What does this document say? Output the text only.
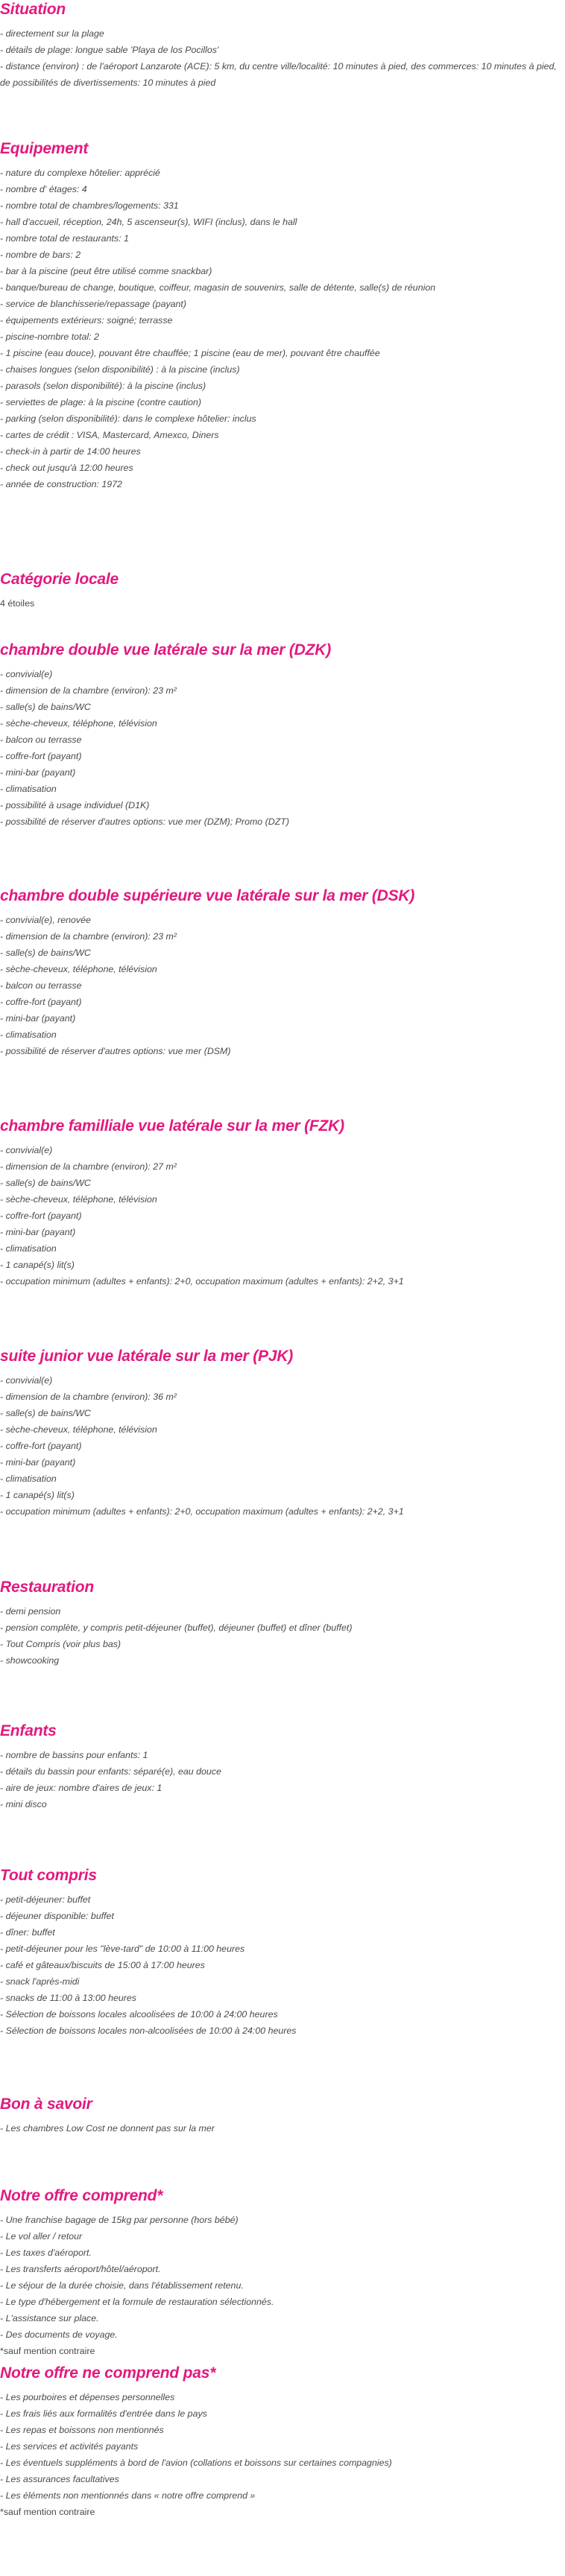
Situation
- directement sur la plage
- détails de plage: longue sable 'Playa de los Pocillos'
- distance (environ) : de l'aéroport Lanzarote (ACE): 5 km, du centre ville/localité: 10 minutes à pied, des commerces: 10 minutes à pied, de possibilités de divertissements: 10 minutes à pied
Equipement
- nature du complexe hôtelier: apprécié
- nombre d' étages: 4
- nombre total de chambres/logements: 331
- hall d'accueil, réception, 24h, 5 ascenseur(s), WIFI (inclus), dans le hall
- nombre total de restaurants: 1
- nombre de bars: 2
- bar à la piscine (peut être utilisé comme snackbar)
- banque/bureau de change, boutique, coiffeur, magasin de souvenirs, salle de détente, salle(s) de réunion
- service de blanchisserie/repassage (payant)
- équipements extérieurs: soigné; terrasse
- piscine-nombre total: 2
- 1 piscine (eau douce), pouvant être chauffée; 1 piscine (eau de mer), pouvant être chauffée
- chaises longues (selon disponibilité) : à la piscine (inclus)
- parasols (selon disponibilité): à la piscine (inclus)
- serviettes de plage: à la piscine (contre caution)
- parking (selon disponibilité): dans le complexe hôtelier: inclus
- cartes de crédit : VISA, Mastercard, Amexco, Diners
- check-in à partir de 14:00 heures
- check out jusqu'à 12:00 heures
- année de construction: 1972
Catégorie locale
4 étoiles
chambre double vue latérale sur la mer (DZK)
- convivial(e)
- dimension de la chambre (environ): 23 m²
- salle(s) de bains/WC
- sèche-cheveux, téléphone, télévision
- balcon ou terrasse
- coffre-fort (payant)
- mini-bar (payant)
- climatisation
- possibilité à usage individuel (D1K)
- possibilité de réserver d'autres options: vue mer (DZM); Promo (DZT)
chambre double supérieure vue latérale sur la mer (DSK)
- convivial(e), renovée
- dimension de la chambre (environ): 23 m²
- salle(s) de bains/WC
- sèche-cheveux, téléphone, télévision
- balcon ou terrasse
- coffre-fort (payant)
- mini-bar (payant)
- climatisation
- possibilité de réserver d'autres options: vue mer (DSM)
chambre familliale vue latérale sur la mer (FZK)
- convivial(e)
- dimension de la chambre (environ): 27 m²
- salle(s) de bains/WC
- sèche-cheveux, téléphone, télévision
- coffre-fort (payant)
- mini-bar (payant)
- climatisation
- 1 canapé(s) lit(s)
- occupation minimum (adultes + enfants): 2+0, occupation maximum (adultes + enfants): 2+2, 3+1
suite junior vue latérale sur la mer (PJK)
- convivial(e)
- dimension de la chambre (environ): 36 m²
- salle(s) de bains/WC
- sèche-cheveux, téléphone, télévision
- coffre-fort (payant)
- mini-bar (payant)
- climatisation
- 1 canapé(s) lit(s)
- occupation minimum (adultes + enfants): 2+0, occupation maximum (adultes + enfants): 2+2, 3+1
Restauration
- demi pension
- pension complète, y compris petit-déjeuner (buffet), déjeuner (buffet) et dîner (buffet)
- Tout Compris (voir plus bas)
- showcooking
Enfants
- nombre de bassins pour enfants: 1
- détails du bassin pour enfants: séparé(e), eau douce
- aire de jeux: nombre d'aires de jeux: 1
- mini disco
Tout compris
- petit-déjeuner: buffet
- déjeuner disponible: buffet
- dîner: buffet
- petit-déjeuner pour les "lève-tard" de 10:00 à 11:00 heures
- café et gâteaux/biscuits de 15:00 à 17:00 heures
- snack l'après-midi
- snacks de 11:00 à 13:00 heures
- Sélection de boissons locales alcoolisées de 10:00 à 24:00 heures
- Sélection de boissons locales non-alcoolisées de 10:00 à 24:00 heures
Bon à savoir
- Les chambres Low Cost ne donnent pas sur la mer
Notre offre comprend*
- Une franchise bagage de 15kg par personne (hors bébé)
- Le vol aller / retour
- Les taxes d'aéroport.
- Les transferts aéroport/hôtel/aéroport.
- Le séjour de la durée choisie, dans l'établissement retenu.
- Le type d'hébergement et la formule de restauration sélectionnés.
- L'assistance sur place.
- Des documents de voyage.
*sauf mention contraire
Notre offre ne comprend pas*
- Les pourboires et dépenses personnelles
- Les frais liés aux formalités d'entrée dans le pays
- Les repas et boissons non mentionnés
- Les services et activités payants
- Les éventuels suppléments à bord de l'avion (collations et boissons sur certaines compagnies)
- Les assurances facultatives
- Les éléments non mentionnés dans « notre offre comprend »
*sauf mention contraire
